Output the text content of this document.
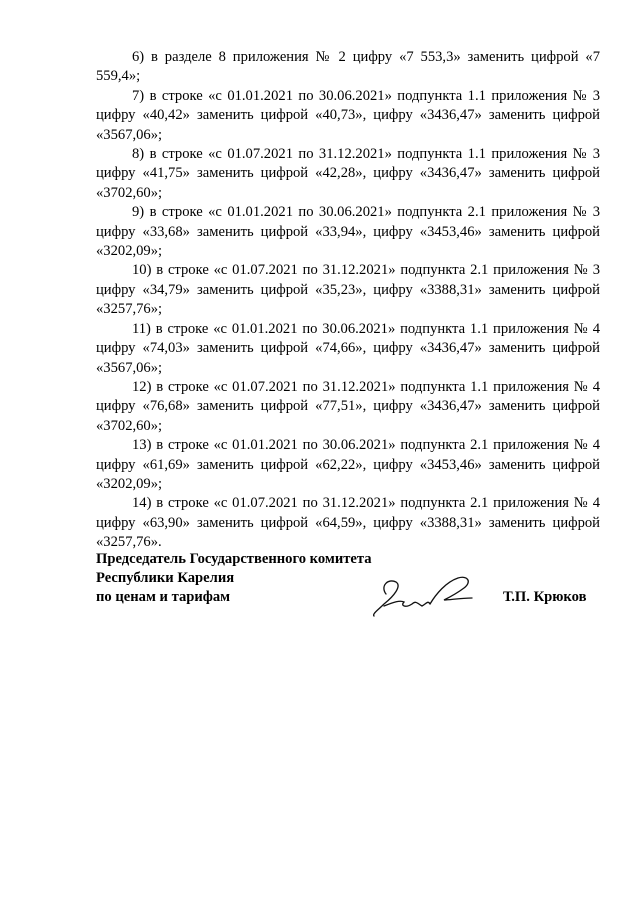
6) в разделе 8 приложения № 2 цифру «7 553,3» заменить цифрой «7 559,4»;

7) в строке «с 01.01.2021 по 30.06.2021» подпункта 1.1 приложения № 3 цифру «40,42» заменить цифрой «40,73», цифру «3436,47» заменить цифрой «3567,06»;

8) в строке «с 01.07.2021 по 31.12.2021» подпункта 1.1 приложения № 3 цифру «41,75» заменить цифрой «42,28», цифру «3436,47» заменить цифрой «3702,60»;

9) в строке «с 01.01.2021 по 30.06.2021» подпункта 2.1 приложения № 3 цифру «33,68» заменить цифрой «33,94», цифру «3453,46» заменить цифрой «3202,09»;

10) в строке «с 01.07.2021 по 31.12.2021» подпункта 2.1 приложения № 3 цифру «34,79» заменить цифрой «35,23», цифру «3388,31» заменить цифрой «3257,76»;

11) в строке «с 01.01.2021 по 30.06.2021» подпункта 1.1 приложения № 4 цифру «74,03» заменить цифрой «74,66», цифру «3436,47» заменить цифрой «3567,06»;

12) в строке «с 01.07.2021 по 31.12.2021» подпункта 1.1 приложения № 4 цифру «76,68» заменить цифрой «77,51», цифру «3436,47» заменить цифрой «3702,60»;

13) в строке «с 01.01.2021 по 30.06.2021» подпункта 2.1 приложения № 4 цифру «61,69» заменить цифрой «62,22», цифру «3453,46» заменить цифрой «3202,09»;

14) в строке «с 01.07.2021 по 31.12.2021» подпункта 2.1 приложения № 4 цифру «63,90» заменить цифрой «64,59», цифру «3388,31» заменить цифрой «3257,76».

Председатель Государственного комитета

Республики Карелия

по ценам и тарифам	Т.П. Крюков
